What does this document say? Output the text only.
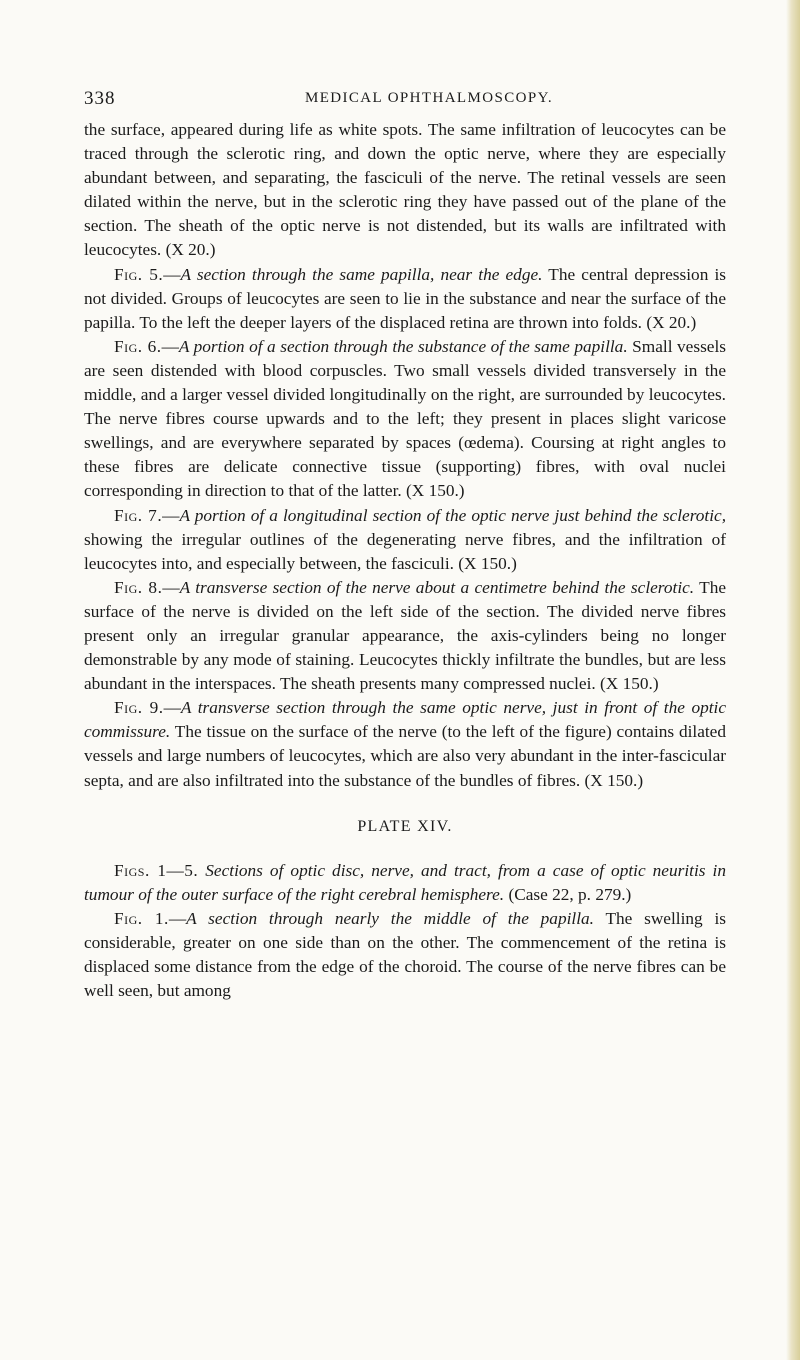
338	MEDICAL OPHTHALMOSCOPY.

the surface, appeared during life as white spots. The same infiltration of leucocytes can be traced through the sclerotic ring, and down the optic nerve, where they are especially abundant between, and separating, the fasciculi of the nerve. The retinal vessels are seen dilated within the nerve, but in the sclerotic ring they have passed out of the plane of the section. The sheath of the optic nerve is not distended, but its walls are infiltrated with leucocytes. (X 20.)

Fig. 5.—A section through the same papilla, near the edge. The central depression is not divided. Groups of leucocytes are seen to lie in the substance and near the surface of the papilla. To the left the deeper layers of the displaced retina are thrown into folds. (X 20.)

Fig. 6.—A portion of a section through the substance of the same papilla. Small vessels are seen distended with blood corpuscles. Two small vessels divided transversely in the middle, and a larger vessel divided longitudinally on the right, are surrounded by leucocytes. The nerve fibres course upwards and to the left; they present in places slight varicose swellings, and are everywhere separated by spaces (œdema). Coursing at right angles to these fibres are delicate connective tissue (supporting) fibres, with oval nuclei corresponding in direction to that of the latter. (X 150.)

Fig. 7.—A portion of a longitudinal section of the optic nerve just behind the sclerotic, showing the irregular outlines of the degenerating nerve fibres, and the infiltration of leucocytes into, and especially between, the fasciculi. (X 150.)

Fig. 8.—A transverse section of the nerve about a centimetre behind the sclerotic. The surface of the nerve is divided on the left side of the section. The divided nerve fibres present only an irregular granular appearance, the axis-cylinders being no longer demonstrable by any mode of staining. Leucocytes thickly infiltrate the bundles, but are less abundant in the interspaces. The sheath presents many compressed nuclei. (X 150.)

Fig. 9.—A transverse section through the same optic nerve, just in front of the optic commissure. The tissue on the surface of the nerve (to the left of the figure) contains dilated vessels and large numbers of leucocytes, which are also very abundant in the inter-fascicular septa, and are also infiltrated into the substance of the bundles of fibres. (X 150.)

PLATE XIV.

Figs. 1—5. Sections of optic disc, nerve, and tract, from a case of optic neuritis in tumour of the outer surface of the right cerebral hemisphere. (Case 22, p. 279.)

Fig. 1.—A section through nearly the middle of the papilla. The swelling is considerable, greater on one side than on the other. The commencement of the retina is displaced some distance from the edge of the choroid. The course of the nerve fibres can be well seen, but among
